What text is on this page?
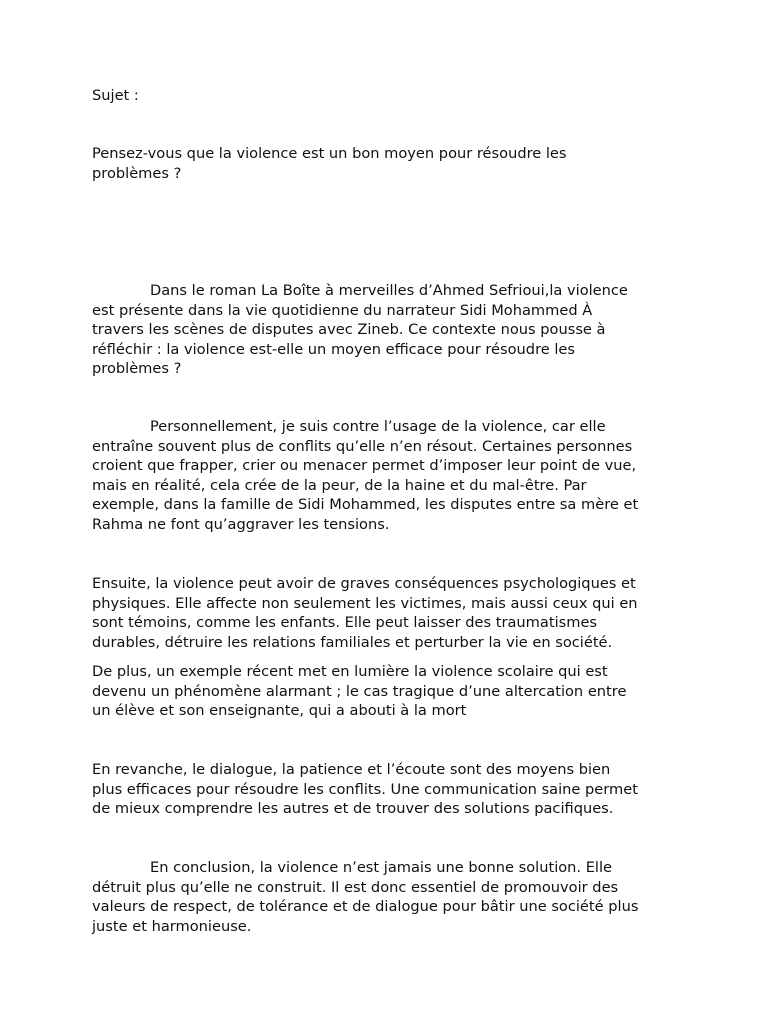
Sujet :

Pensez-vous que la violence est un bon moyen pour résoudre les
problèmes ?

Dans le roman La Boîte à merveilles d’Ahmed Sefrioui,la violence
est présente dans la vie quotidienne du narrateur Sidi Mohammed À
travers les scènes de disputes avec Zineb. Ce contexte nous pousse à
réfléchir : la violence est-elle un moyen efficace pour résoudre les
problèmes ?

Personnellement, je suis contre l’usage de la violence, car elle
entraîne souvent plus de conflits qu’elle n’en résout. Certaines personnes
croient que frapper, crier ou menacer permet d’imposer leur point de vue,
mais en réalité, cela crée de la peur, de la haine et du mal-être. Par
exemple, dans la famille de Sidi Mohammed, les disputes entre sa mère et
Rahma ne font qu’aggraver les tensions.

Ensuite, la violence peut avoir de graves conséquences psychologiques et
physiques. Elle affecte non seulement les victimes, mais aussi ceux qui en
sont témoins, comme les enfants. Elle peut laisser des traumatismes
durables, détruire les relations familiales et perturber la vie en société.

De plus, un exemple récent met en lumière la violence scolaire qui est
devenu un phénomène alarmant ; le cas tragique d’une altercation entre
un élève et son enseignante, qui a abouti à la mort

En revanche, le dialogue, la patience et l’écoute sont des moyens bien
plus efficaces pour résoudre les conflits. Une communication saine permet
de mieux comprendre les autres et de trouver des solutions pacifiques.

En conclusion, la violence n’est jamais une bonne solution. Elle
détruit plus qu’elle ne construit. Il est donc essentiel de promouvoir des
valeurs de respect, de tolérance et de dialogue pour bâtir une société plus
juste et harmonieuse.
